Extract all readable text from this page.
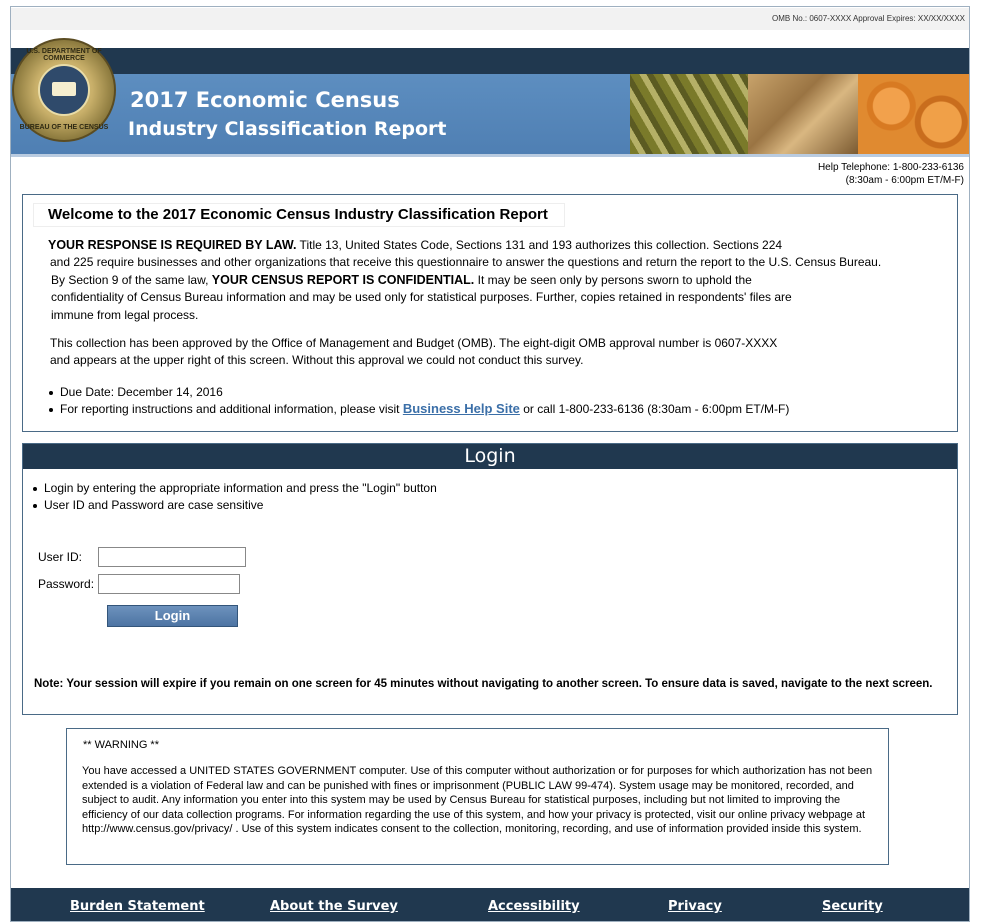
OMB No.: 0607-XXXX Approval Expires: XX/XX/XXXX
U.S. DEPARTMENT OF COMMERCE
BUREAU OF THE CENSUS
2017 Economic Census
Industry Classification Report
Help Telephone: 1-800-233-6136
(8:30am - 6:00pm ET/M-F)
Welcome to the 2017 Economic Census Industry Classification Report
YOUR RESPONSE IS REQUIRED BY LAW. Title 13, United States Code, Sections 131 and 193 authorizes this collection. Sections 224
and 225 require businesses and other organizations that receive this questionnaire to answer the questions and return the report to the U.S. Census Bureau.
By Section 9 of the same law, YOUR CENSUS REPORT IS CONFIDENTIAL. It may be seen only by persons sworn to uphold the
confidentiality of Census Bureau information and may be used only for statistical purposes. Further, copies retained in respondents' files are
immune from legal process.
This collection has been approved by the Office of Management and Budget (OMB). The eight-digit OMB approval number is 0607-XXXX
and appears at the upper right of this screen. Without this approval we could not conduct this survey.
Due Date: December 14, 2016
For reporting instructions and additional information, please visit Business Help Site or call 1-800-233-6136 (8:30am - 6:00pm ET/M-F)
Login
Login by entering the appropriate information and press the "Login" button
User ID and Password are case sensitive
User ID:
Password:
Login
Note: Your session will expire if you remain on one screen for 45 minutes without navigating to another screen. To ensure data is saved, navigate to the next screen.
** WARNING **
You have accessed a UNITED STATES GOVERNMENT computer. Use of this computer without authorization or for purposes for which authorization has not been extended is a violation of Federal law and can be punished with fines or imprisonment (PUBLIC LAW 99-474). System usage may be monitored, recorded, and subject to audit. Any information you enter into this system may be used by Census Bureau for statistical purposes, including but not limited to improving the efficiency of our data collection programs. For information regarding the use of this system, and how your privacy is protected, visit our online privacy webpage at http://www.census.gov/privacy/ . Use of this system indicates consent to the collection, monitoring, recording, and use of information provided inside this system.
Burden Statement	About the Survey	Accessibility	Privacy	Security
